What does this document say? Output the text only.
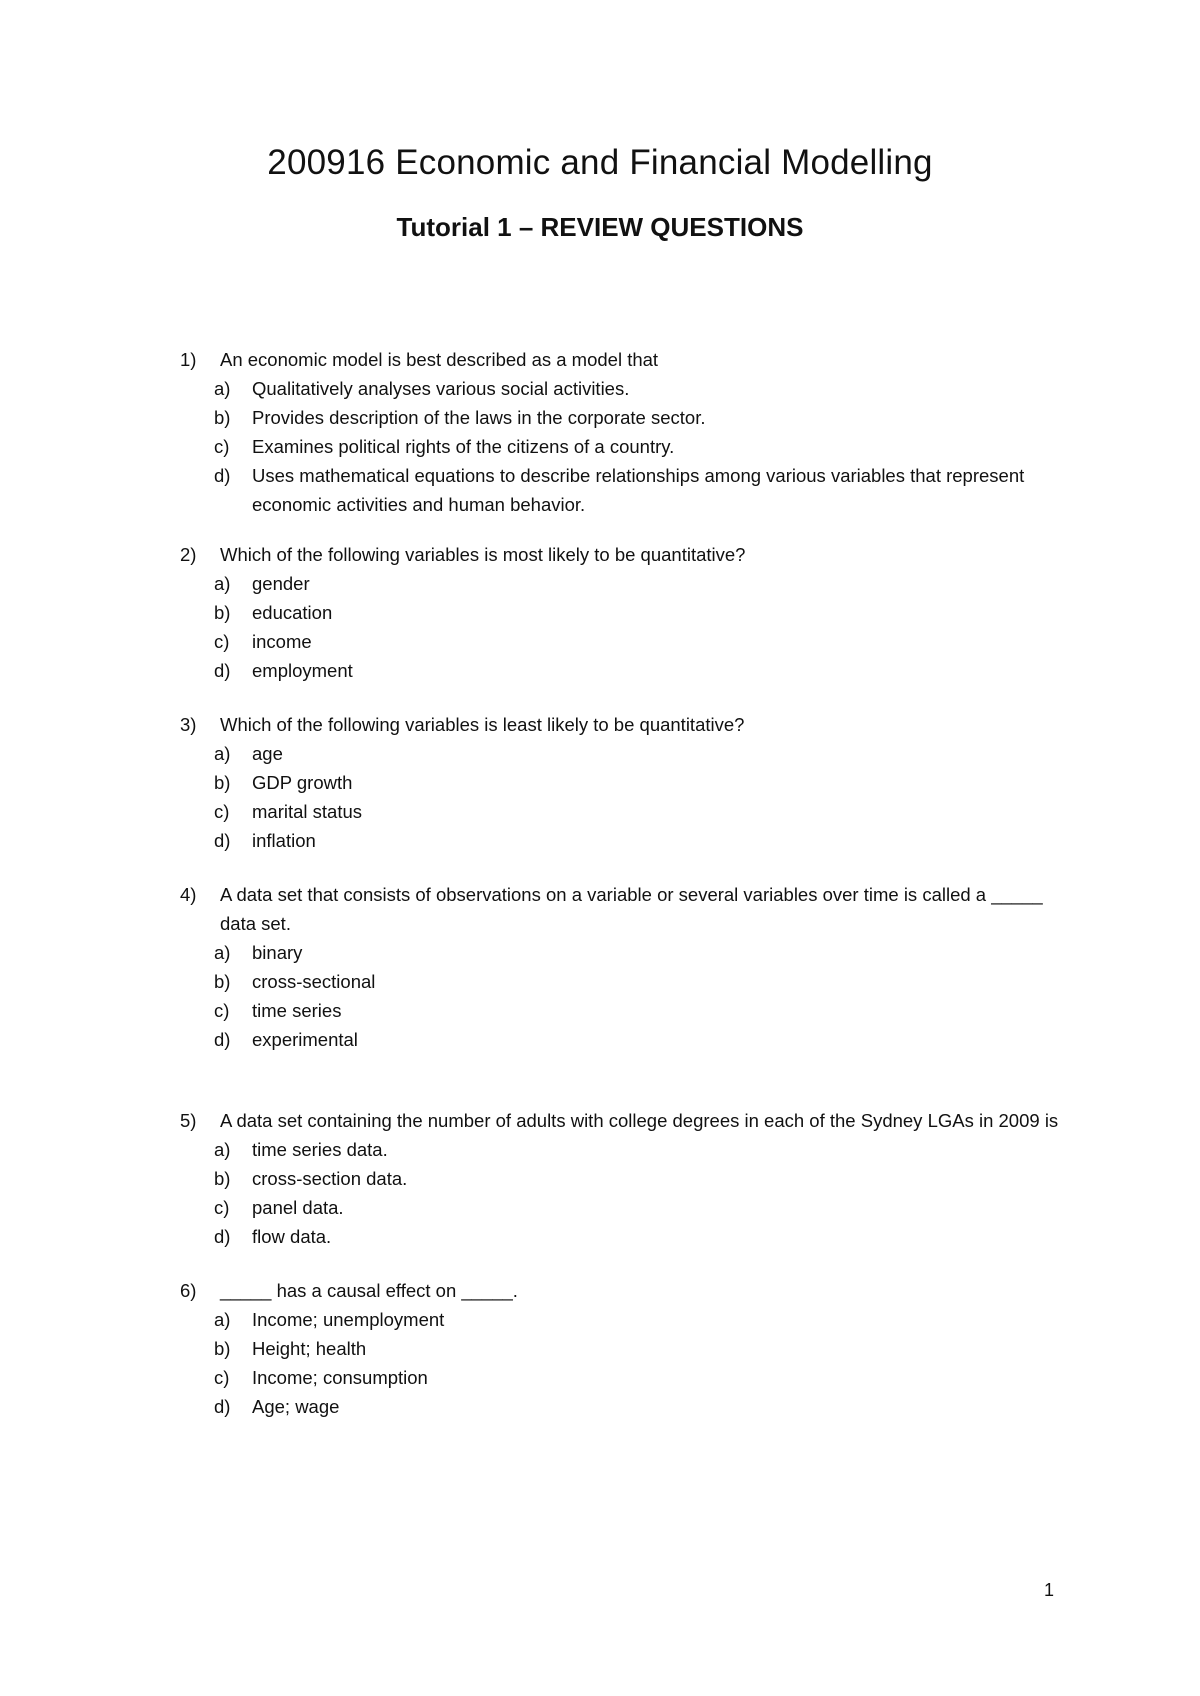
200916 Economic and Financial Modelling
Tutorial 1 – REVIEW QUESTIONS
1) An economic model is best described as a model that
a) Qualitatively analyses various social activities.
b) Provides description of the laws in the corporate sector.
c) Examines political rights of the citizens of a country.
d) Uses mathematical equations to describe relationships among various variables that represent economic activities and human behavior.
2) Which of the following variables is most likely to be quantitative?
a) gender
b) education
c) income
d) employment
3) Which of the following variables is least likely to be quantitative?
a) age
b) GDP growth
c) marital status
d) inflation
4) A data set that consists of observations on a variable or several variables over time is called a _____ data set.
a) binary
b) cross-sectional
c) time series
d) experimental
5) A data set containing the number of adults with college degrees in each of the Sydney LGAs in 2009 is
a) time series data.
b) cross-section data.
c) panel data.
d) flow data.
6) _____ has a causal effect on _____.
a) Income; unemployment
b) Height; health
c) Income; consumption
d) Age; wage
1
